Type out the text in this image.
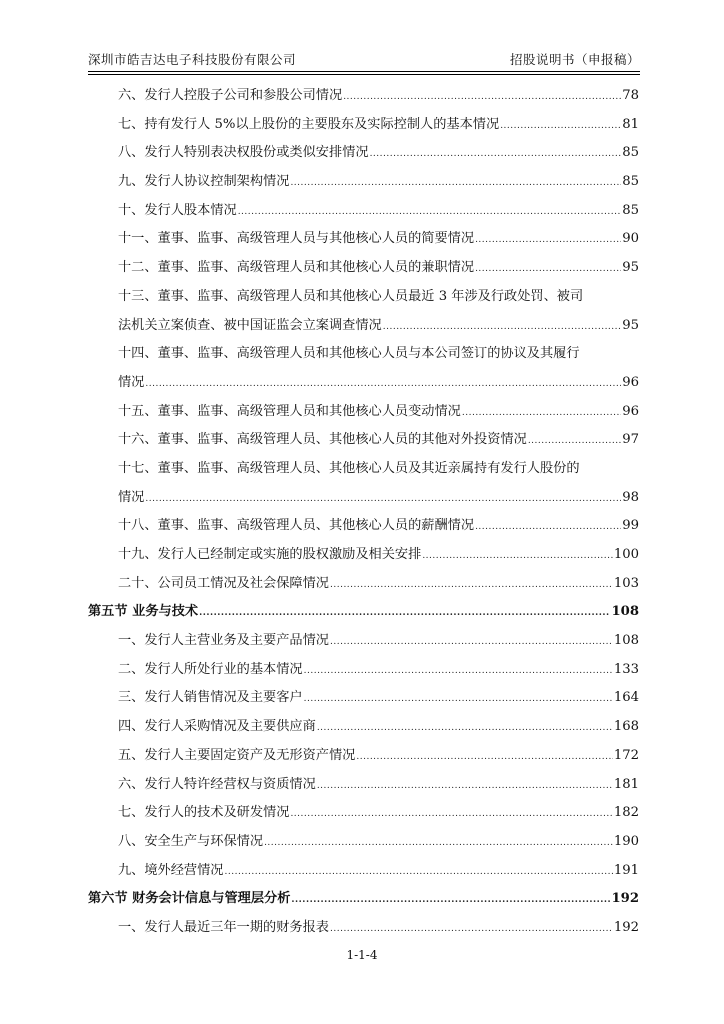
深圳市皓吉达电子科技股份有限公司	招股说明书（申报稿）
六、发行人控股子公司和参股公司情况 .....	78
七、持有发行人 5%以上股份的主要股东及实际控制人的基本情况 .....	81
八、发行人特别表决权股份或类似安排情况 .....	85
九、发行人协议控制架构情况 .....	85
十、发行人股本情况 .....	85
十一、董事、监事、高级管理人员与其他核心人员的简要情况 .....	90
十二、董事、监事、高级管理人员和其他核心人员的兼职情况 .....	95
十三、董事、监事、高级管理人员和其他核心人员最近 3 年涉及行政处罚、被司
法机关立案侦查、被中国证监会立案调查情况 .....	95
十四、董事、监事、高级管理人员和其他核心人员与本公司签订的协议及其履行
情况 .....	96
十五、董事、监事、高级管理人员和其他核心人员变动情况 .....	96
十六、董事、监事、高级管理人员、其他核心人员的其他对外投资情况 .....	97
十七、董事、监事、高级管理人员、其他核心人员及其近亲属持有发行人股份的
情况 .....	98
十八、董事、监事、高级管理人员、其他核心人员的薪酬情况 .....	99
十九、发行人已经制定或实施的股权激励及相关安排 .....	100
二十、公司员工情况及社会保障情况 .....	103
第五节 业务与技术 .....	108
一、发行人主营业务及主要产品情况 .....	108
二、发行人所处行业的基本情况 .....	133
三、发行人销售情况及主要客户 .....	164
四、发行人采购情况及主要供应商 .....	168
五、发行人主要固定资产及无形资产情况 .....	172
六、发行人特许经营权与资质情况 .....	181
七、发行人的技术及研发情况 .....	182
八、安全生产与环保情况 .....	190
九、境外经营情况 .....	191
第六节 财务会计信息与管理层分析 .....	192
一、发行人最近三年一期的财务报表 .....	192
1-1-4
